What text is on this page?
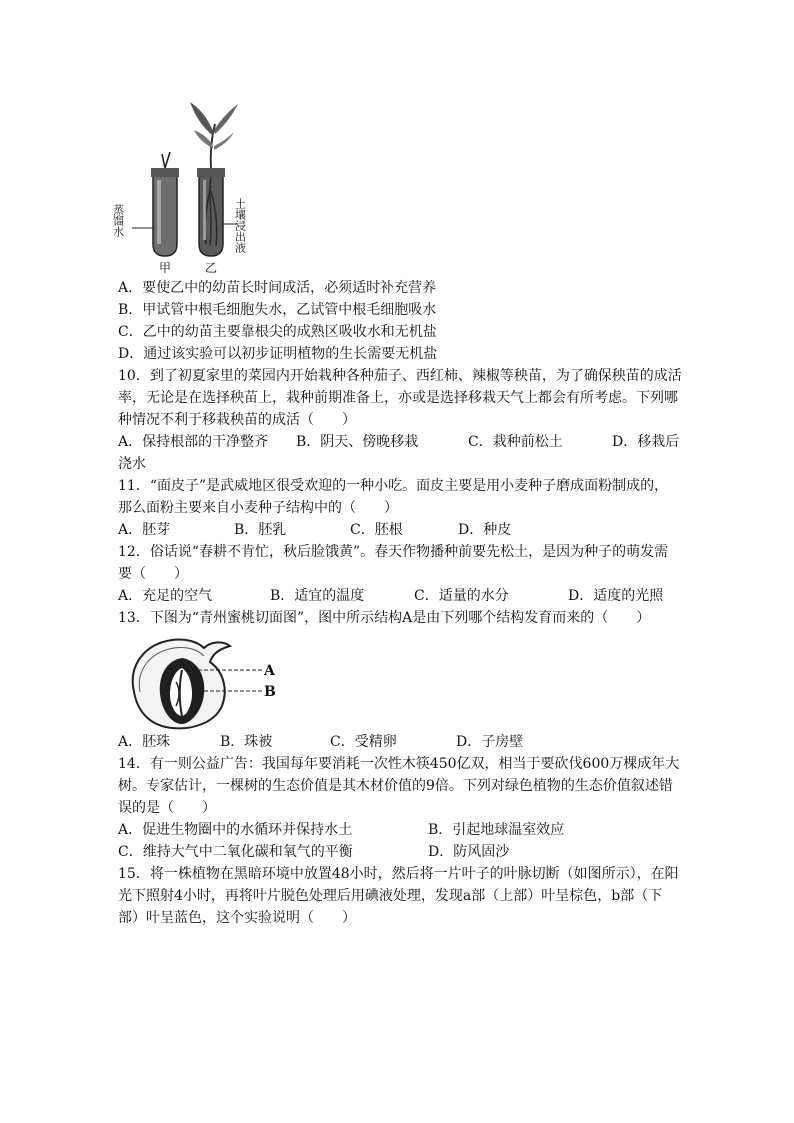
蒸馏水	土壤浸出液
甲	乙
A．要使乙中的幼苗长时间成活，必须适时补充营养
B．甲试管中根毛细胞失水，乙试管中根毛细胞吸水
C．乙中的幼苗主要靠根尖的成熟区吸收水和无机盐
D．通过该实验可以初步证明植物的生长需要无机盐
10．到了初夏家里的菜园内开始栽种各种茄子、西红柿、辣椒等秧苗，为了确保秧苗的成活
率，无论是在选择秧苗上，栽种前期准备上，亦或是选择移栽天气上都会有所考虑。下列哪
种情况不利于移栽秧苗的成活（　　）
A．保持根部的干净整齐 B．阴天、傍晚移栽	C．栽种前松土	D．移栽后
浇水
11．“面皮子”是武威地区很受欢迎的一种小吃。面皮主要是用小麦种子磨成面粉制成的，
那么面粉主要来自小麦种子结构中的（　　）
A．胚芽	B．胚乳	C．胚根	D．种皮
12．俗话说“春耕不肯忙，秋后脸饿黄”。春天作物播种前要先松土，是因为种子的萌发需
要（　　）
A．充足的空气	B．适宜的温度	C．适量的水分	D．适度的光照
13．下图为“青州蜜桃切面图”，图中所示结构A是由下列哪个结构发育而来的（　　）
A
B
A．胚珠	B．珠被	C．受精卵	D．子房壁
14．有一则公益广告：我国每年要消耗一次性木筷450亿双，相当于要砍伐600万棵成年大
树。专家估计，一棵树的生态价值是其木材价值的9倍。下列对绿色植物的生态价值叙述错
误的是（　　）
A．促进生物圈中的水循环并保持水土	B．引起地球温室效应
C．维持大气中二氧化碳和氧气的平衡	D．防风固沙
15．将一株植物在黑暗环境中放置48小时，然后将一片叶子的叶脉切断（如图所示），在阳
光下照射4小时，再将叶片脱色处理后用碘液处理，发现a部（上部）叶呈棕色，b部（下
部）叶呈蓝色，这个实验说明（　　）
